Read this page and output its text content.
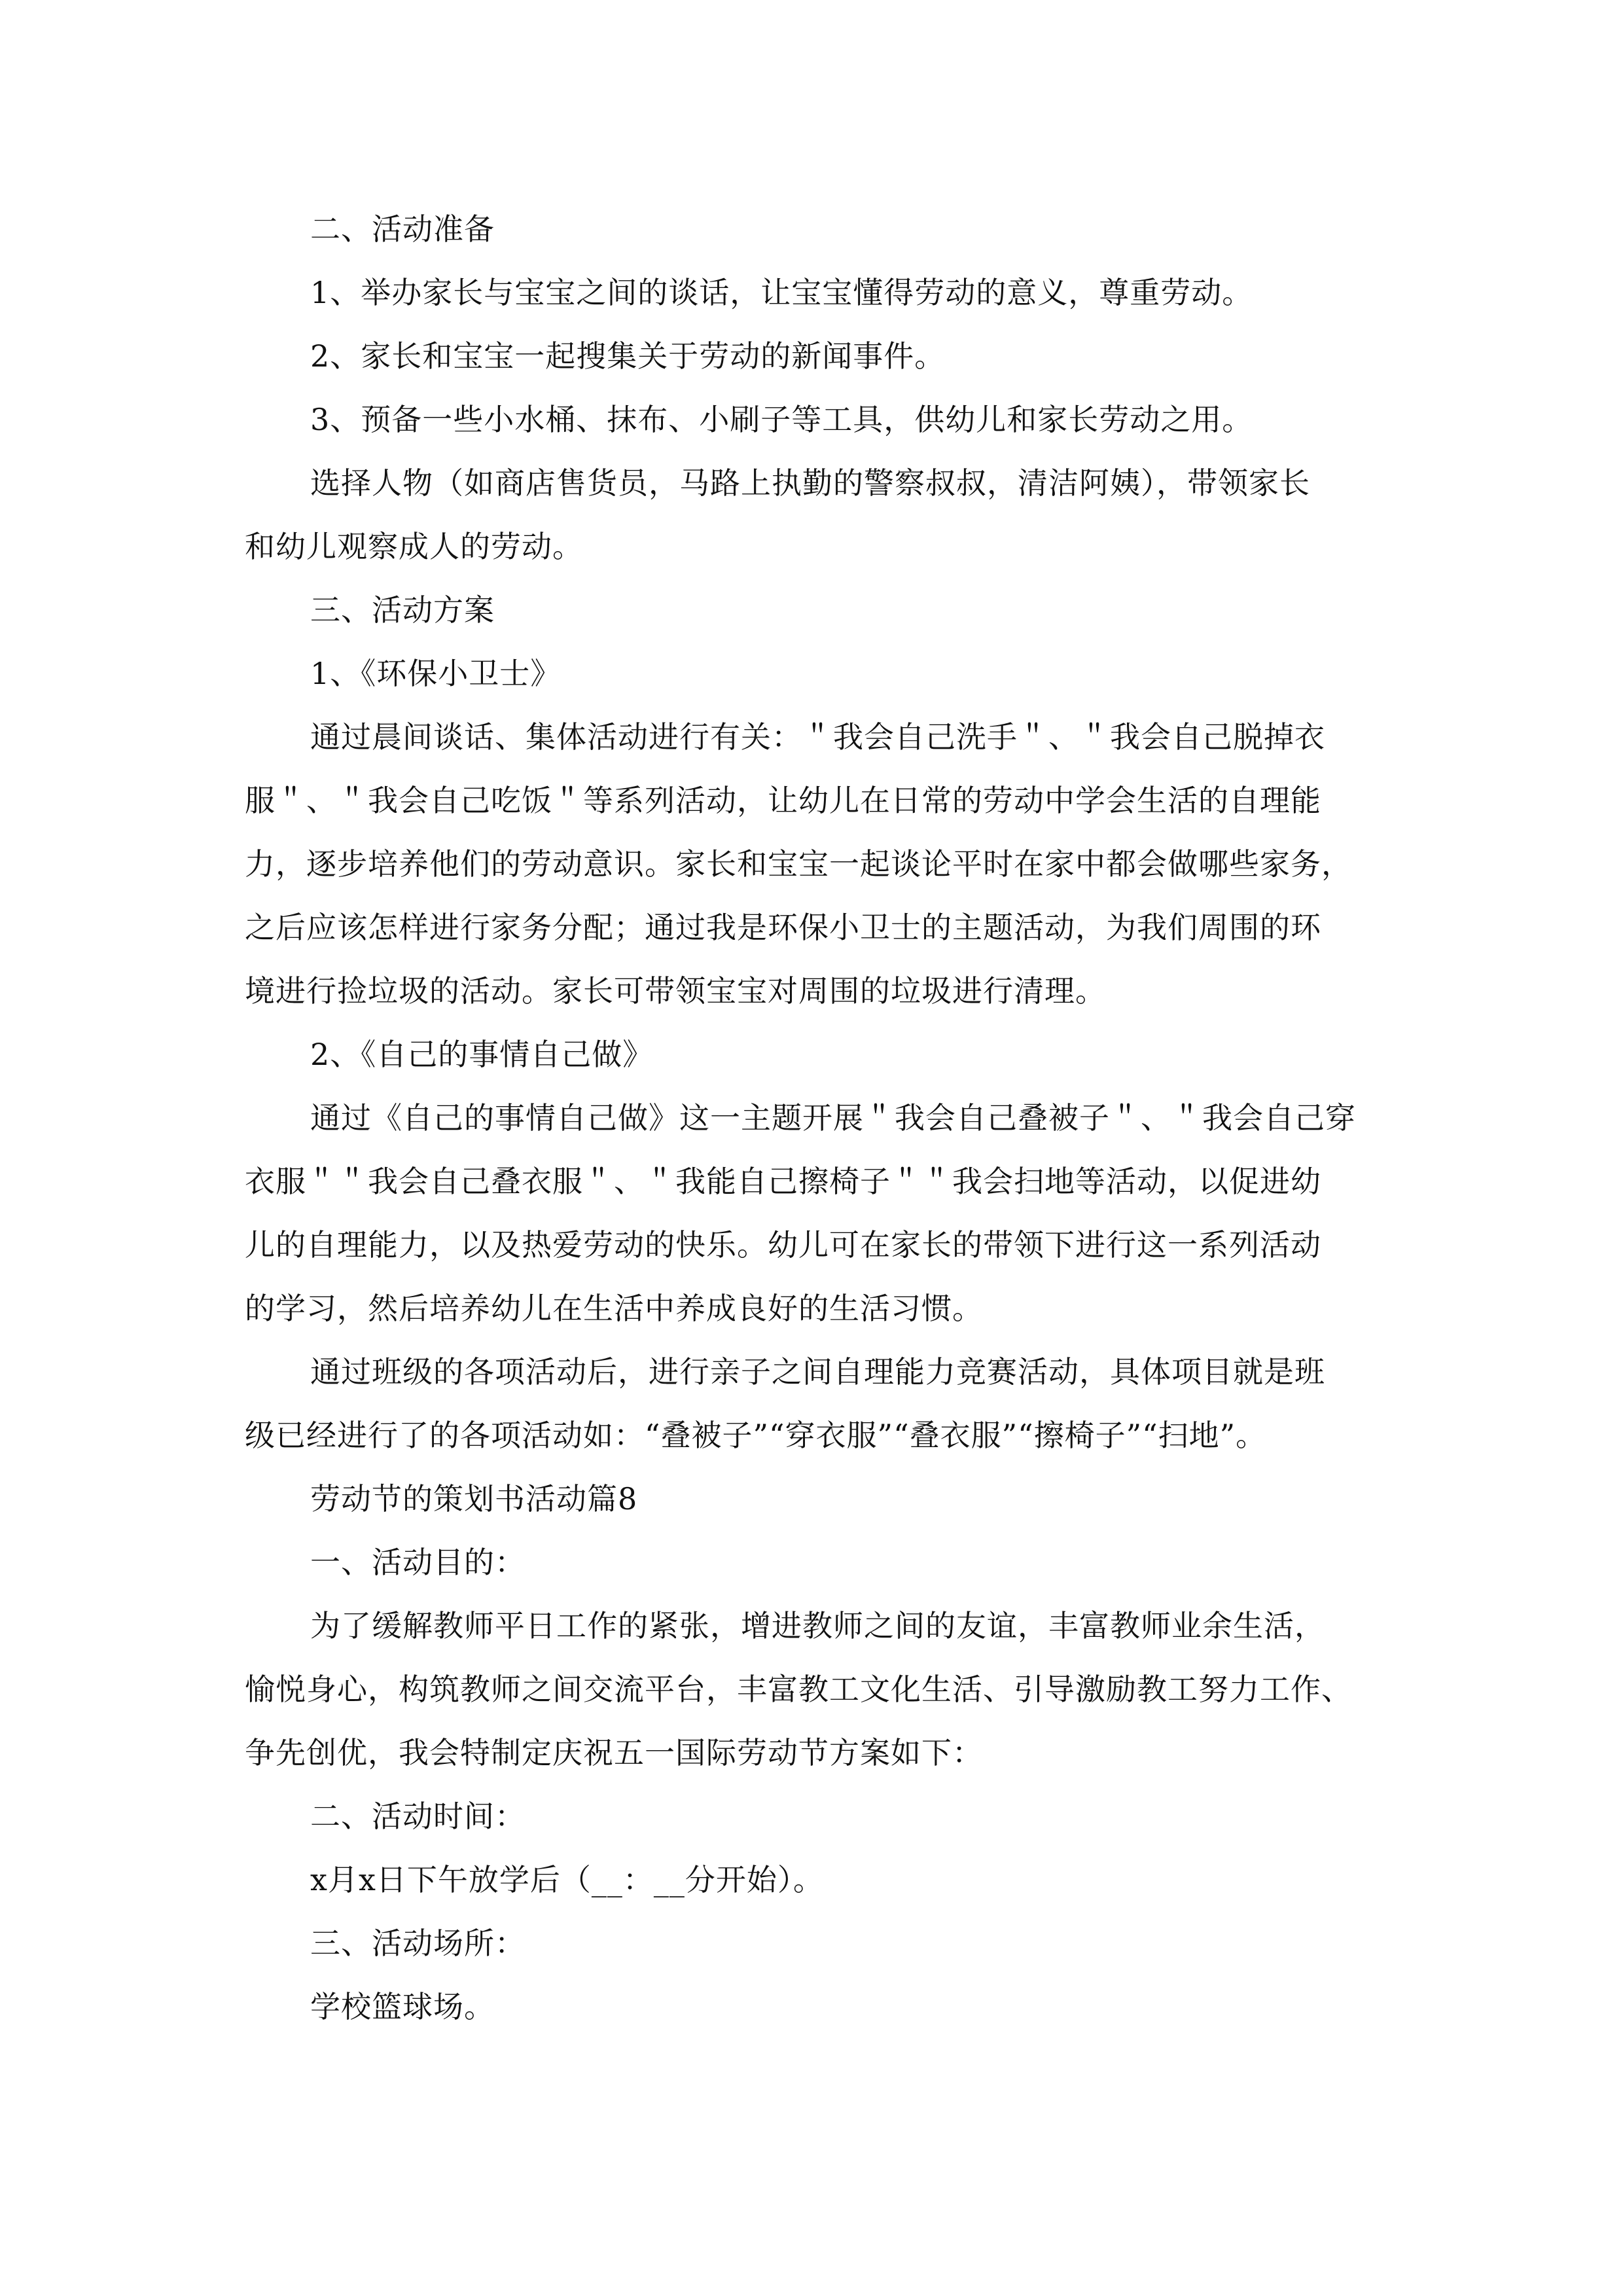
二、活动准备
1、举办家长与宝宝之间的谈话，让宝宝懂得劳动的意义，尊重劳动。
2、家长和宝宝一起搜集关于劳动的新闻事件。
3、预备一些小水桶、抹布、小刷子等工具，供幼儿和家长劳动之用。
选择人物（如商店售货员，马路上执勤的警察叔叔，清洁阿姨），带领家长
和幼儿观察成人的劳动。
三、活动方案
1、《环保小卫士》
通过晨间谈话、集体活动进行有关：＂我会自己洗手＂、＂我会自己脱掉衣
服＂、＂我会自己吃饭＂等系列活动，让幼儿在日常的劳动中学会生活的自理能
力，逐步培养他们的劳动意识。家长和宝宝一起谈论平时在家中都会做哪些家务，
之后应该怎样进行家务分配；通过我是环保小卫士的主题活动，为我们周围的环
境进行捡垃圾的活动。家长可带领宝宝对周围的垃圾进行清理。
2、《自己的事情自己做》
通过《自己的事情自己做》这一主题开展＂我会自己叠被子＂、＂我会自己穿
衣服＂＂我会自己叠衣服＂、＂我能自己擦椅子＂＂我会扫地等活动，以促进幼
儿的自理能力，以及热爱劳动的快乐。幼儿可在家长的带领下进行这一系列活动
的学习，然后培养幼儿在生活中养成良好的生活习惯。
通过班级的各项活动后，进行亲子之间自理能力竞赛活动，具体项目就是班
级已经进行了的各项活动如：“叠被子”“穿衣服”“叠衣服”“擦椅子”“扫地”。
劳动节的策划书活动篇8
一、活动目的：
为了缓解教师平日工作的紧张，增进教师之间的友谊，丰富教师业余生活，
愉悦身心，构筑教师之间交流平台，丰富教工文化生活、引导激励教工努力工作、
争先创优，我会特制定庆祝五一国际劳动节方案如下：
二、活动时间：
x月x日下午放学后（__：__分开始）。
三、活动场所：
学校篮球场。
